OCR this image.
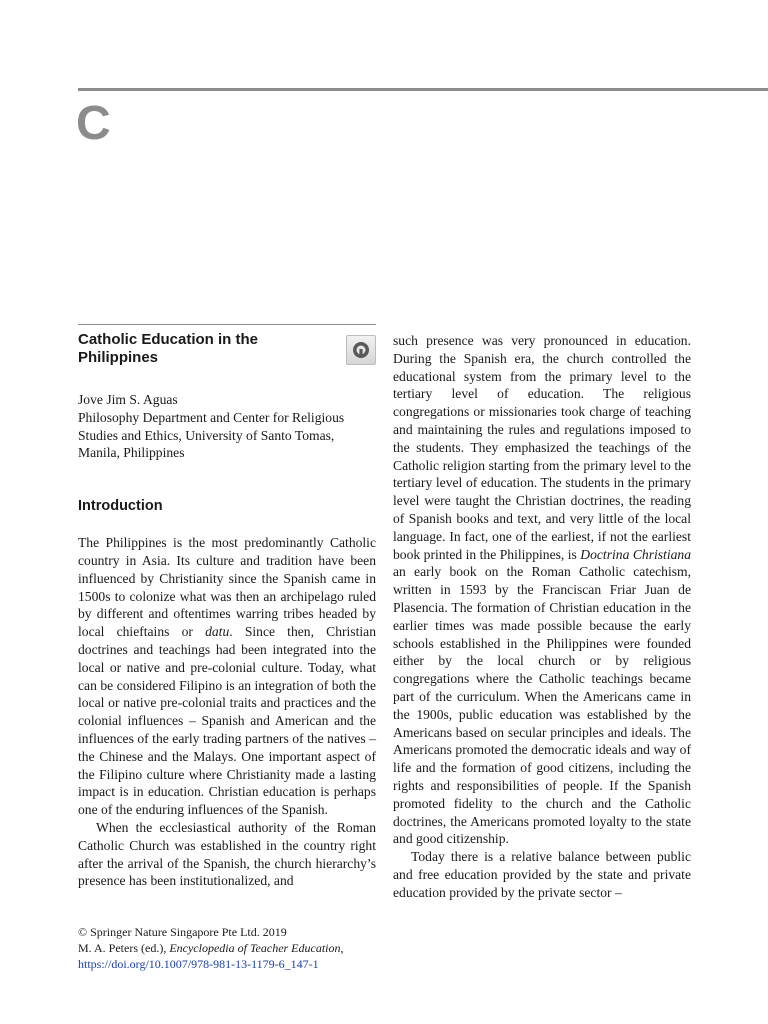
C
Catholic Education in the Philippines
Jove Jim S. Aguas
Philosophy Department and Center for Religious Studies and Ethics, University of Santo Tomas, Manila, Philippines
Introduction

The Philippines is the most predominantly Catholic country in Asia. Its culture and tradition have been influenced by Christianity since the Spanish came in 1500s to colonize what was then an archipelago ruled by different and oftentimes warring tribes headed by local chieftains or datu. Since then, Christian doctrines and teachings had been integrated into the local or native and pre-colonial culture. Today, what can be considered Filipino is an integration of both the local or native pre-colonial traits and practices and the colonial influences – Spanish and American and the influences of the early trading partners of the natives – the Chinese and the Malays. One important aspect of the Filipino culture where Christianity made a lasting impact is in education. Christian education is perhaps one of the enduring influences of the Spanish.

When the ecclesiastical authority of the Roman Catholic Church was established in the country right after the arrival of the Spanish, the church hierarchy’s presence has been institutionalized, and

such presence was very pronounced in education. During the Spanish era, the church controlled the educational system from the primary level to the tertiary level of education. The religious congregations or missionaries took charge of teaching and maintaining the rules and regulations imposed to the students. They emphasized the teachings of the Catholic religion starting from the primary level to the tertiary level of education. The students in the primary level were taught the Christian doctrines, the reading of Spanish books and text, and very little of the local language. In fact, one of the earliest, if not the earliest book printed in the Philippines, is Doctrina Christiana an early book on the Roman Catholic catechism, written in 1593 by the Franciscan Friar Juan de Plasencia. The formation of Christian education in the earlier times was made possible because the early schools established in the Philippines were founded either by the local church or by religious congregations where the Catholic teachings became part of the curriculum. When the Americans came in the 1900s, public education was established by the Americans based on secular principles and ideals. The Americans promoted the democratic ideals and way of life and the formation of good citizens, including the rights and responsibilities of people. If the Spanish promoted fidelity to the church and the Catholic doctrines, the Americans promoted loyalty to the state and good citizenship.

Today there is a relative balance between public and free education provided by the state and private education provided by the private sector –

© Springer Nature Singapore Pte Ltd. 2019
M. A. Peters (ed.), Encyclopedia of Teacher Education,
https://doi.org/10.1007/978-981-13-1179-6_147-1
